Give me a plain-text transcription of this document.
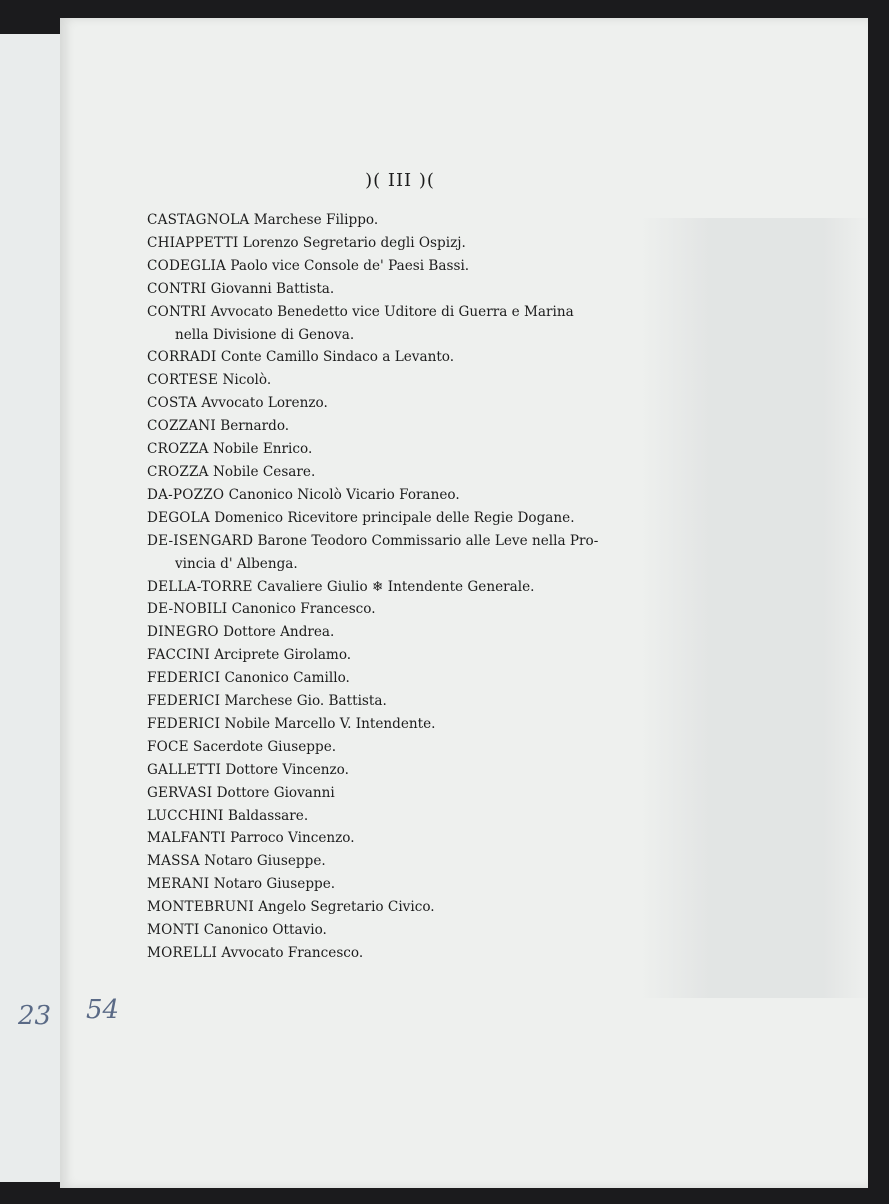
)( III )(
CASTAGNOLA Marchese Filippo.
CHIAPPETTI Lorenzo Segretario degli Ospizj.
CODEGLIA Paolo vice Console de' Paesi Bassi.
CONTRI Giovanni Battista.
CONTRI Avvocato Benedetto vice Uditore di Guerra e Marina
nella Divisione di Genova.
CORRADI Conte Camillo Sindaco a Levanto.
CORTESE Nicolò.
COSTA Avvocato Lorenzo.
COZZANI Bernardo.
CROZZA Nobile Enrico.
CROZZA Nobile Cesare.
DA-POZZO Canonico Nicolò Vicario Foraneo.
DEGOLA Domenico Ricevitore principale delle Regie Dogane.
DE-ISENGARD Barone Teodoro Commissario alle Leve nella Pro-
vincia d' Albenga.
DELLA-TORRE Cavaliere Giulio ❄ Intendente Generale.
DE-NOBILI Canonico Francesco.
DINEGRO Dottore Andrea.
FACCINI Arciprete Girolamo.
FEDERICI Canonico Camillo.
FEDERICI Marchese Gio. Battista.
FEDERICI Nobile Marcello V. Intendente.
FOCE Sacerdote Giuseppe.
GALLETTI Dottore Vincenzo.
GERVASI Dottore Giovanni
LUCCHINI Baldassare.
MALFANTI Parroco Vincenzo.
MASSA Notaro Giuseppe.
MERANI Notaro Giuseppe.
MONTEBRUNI Angelo Segretario Civico.
MONTI Canonico Ottavio.
MORELLI Avvocato Francesco.
23 54
